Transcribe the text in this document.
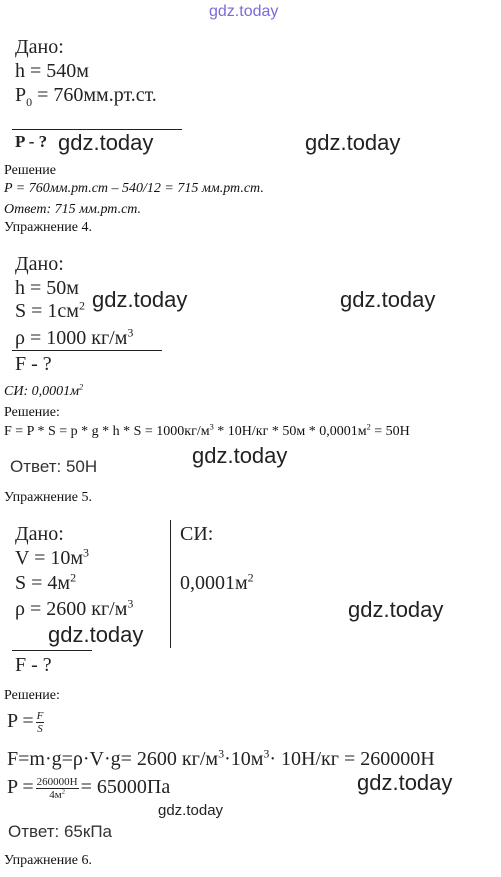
gdz.today
Дано:
h = 540м
$P_0 = 760мм.рт.ст$.
P - ? gdz.today	gdz.today
Решение
P = 760мм.рт.ст – 540/12 = 715 мм.рт.ст.
Ответ: 715 мм.рт.ст.
Упражнение 4.
Дано:
h = 50м
$S = 1см^2$
ρ = 1000 $кг/м^3$
F - ?
gdz.today	gdz.today
СИ: $0,0001м^2$
Решение:
$F = P * S = p * g * h * S = 1000кг/м^3 * 10Н/кг * 50м * 0,0001м^2 = 50Н$
gdz.today
Ответ: 50Н
Упражнение 5.
Дано:
$V = 10м^3$
$S = 4м^2$
ρ = 2600 $кг/м^3$
СИ:
$0,0001м^2$
gdz.today
gdz.today
F - ?
Решение:
$P = \frac{F}{S}$
F=m·g=ρ·V·g= 2600 $кг/м^3\cdot 10м^3\cdot 10Н/кг = 260000Н$
$P = \frac{260000Н}{4м^2} = 65000Па$	gdz.today
gdz.today
Ответ: 65кПа
Упражнение 6.
